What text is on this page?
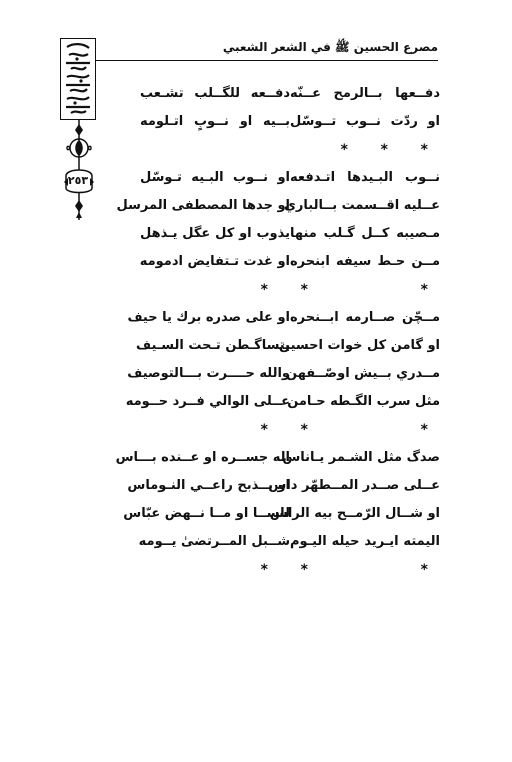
مصرع الحسين ﷺ في الشعر الشعبي
٢٥٣
دفــعها بــالرمح عــنّه
دفــعه للگــلب تشـعب
او ردّت نــوب تــوسّل
بــيه او نــوبٍ اتـلومه
*
*
*
نــوب البـيدها اتـدفعه
او نــوب البـيه تـوسّل
عــليه اقــسمت بــالباري
او جدها المصطفى المرسل
مـصيبه كــل گـلب منها
يذوب او كل عگل يـذهل
مــن حـط سيفه ابنحره
او غدت تـتفايض ادمومه
*
*
*
مــچّن صــارمه ابــنحره
او على صدره برك يا حيف
او گامن كل خوات احسين
يتساگـطن تـحت السـيف
مــدري بــيش اوصّــفهن
والله حــــرت بـــالتوصيف
مثل سرب الگـطه حـامن
عــلى الوالي فــرد حــومه
*
*
*
صدگ مثل الشـمر يـاناس
اله جســره او عــنده بـــاس
عــلى صــدر المــطهّر داس
او يــذبح راعــي النـوماس
او شــال الرّمــح بيه الراس
للســا او مــا نــهض عبّاس
اليمته ايـريد حيله اليـوم
شــبل المــرتضىٰ يــومه
*
*
*
